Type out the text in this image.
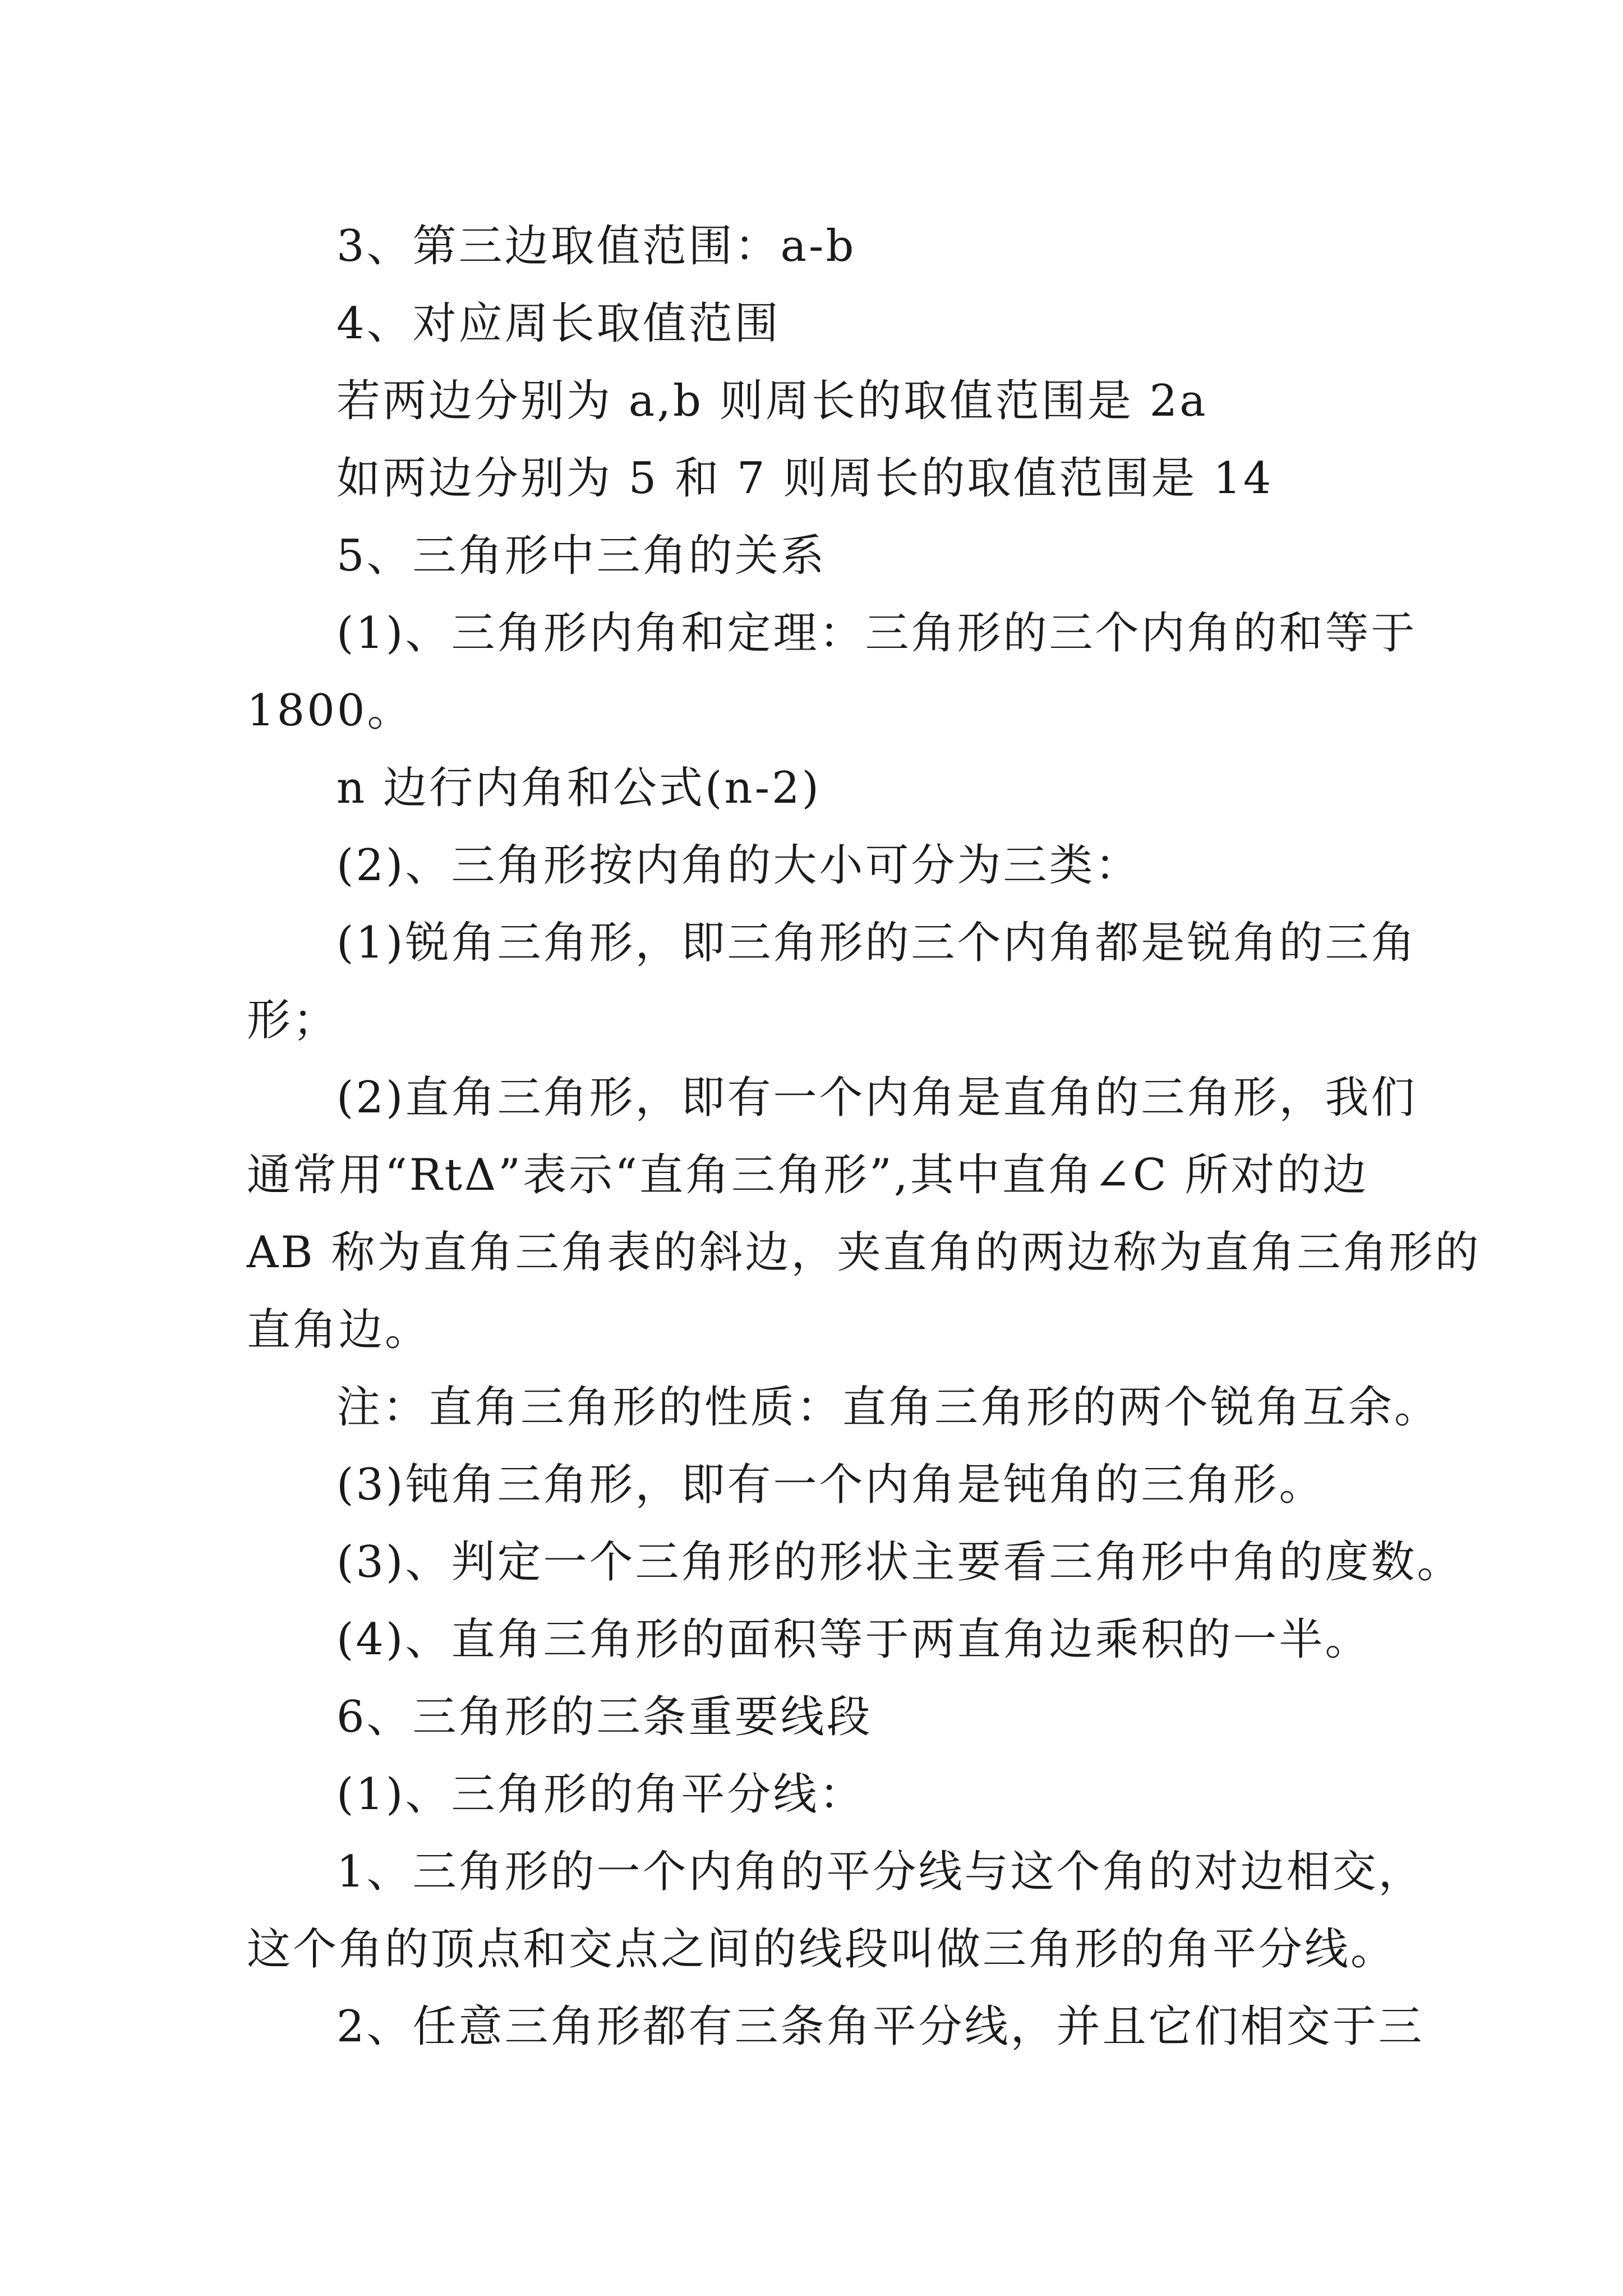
3、第三边取值范围：a-b
4、对应周长取值范围
若两边分别为 a,b 则周长的取值范围是 2a
如两边分别为 5 和 7 则周长的取值范围是 14
5、三角形中三角的关系
(1)、三角形内角和定理：三角形的三个内角的和等于
1800。
n 边行内角和公式(n-2)
(2)、三角形按内角的大小可分为三类：
(1)锐角三角形，即三角形的三个内角都是锐角的三角
形；
(2)直角三角形，即有一个内角是直角的三角形，我们
通常用“RtΔ”表示“直角三角形”,其中直角∠C 所对的边
AB 称为直角三角表的斜边，夹直角的两边称为直角三角形的
直角边。
注：直角三角形的性质：直角三角形的两个锐角互余。
(3)钝角三角形，即有一个内角是钝角的三角形。
(3)、判定一个三角形的形状主要看三角形中角的度数。
(4)、直角三角形的面积等于两直角边乘积的一半。
6、三角形的三条重要线段
(1)、三角形的角平分线：
1、三角形的一个内角的平分线与这个角的对边相交，
这个角的顶点和交点之间的线段叫做三角形的角平分线。
2、任意三角形都有三条角平分线，并且它们相交于三
